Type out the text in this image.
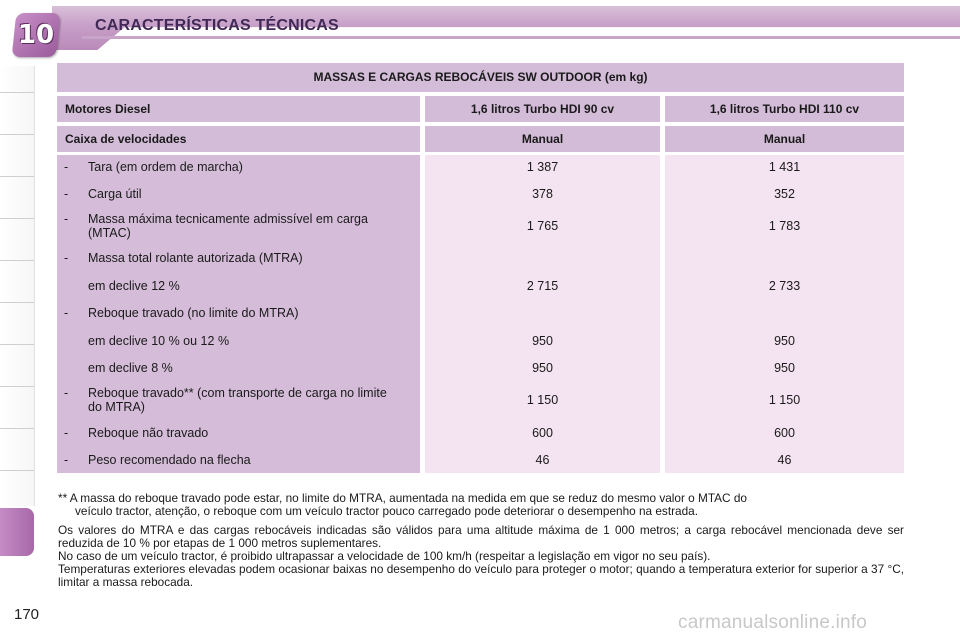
10	CARACTERÍSTICAS TÉCNICAS
MASSAS E CARGAS REBOCÁVEIS SW OUTDOOR (em kg)
Motores Diesel	1,6 litros Turbo HDI 90 cv	1,6 litros Turbo HDI 110 cv
Caixa de velocidades	Manual	Manual
- Tara (em ordem de marcha)	1 387	1 431
- Carga útil	378	352
- Massa máxima tecnicamente admissível em carga (MTAC)	1 765	1 783
- Massa total rolante autorizada (MTRA)
em declive 12 %	2 715	2 733
- Reboque travado (no limite do MTRA)
em declive 10 % ou 12 %	950	950
em declive 8 %	950	950
- Reboque travado** (com transporte de carga no limite do MTRA)	1 150	1 150
- Reboque não travado	600	600
- Peso recomendado na flecha	46	46
** A massa do reboque travado pode estar, no limite do MTRA, aumentada na medida em que se reduz do mesmo valor o MTAC do
veículo tractor, atenção, o reboque com um veículo tractor pouco carregado pode deteriorar o desempenho na estrada.
Os valores do MTRA e das cargas rebocáveis indicadas são válidos para uma altitude máxima de 1 000 metros; a carga rebocável mencionada deve ser reduzida de 10 % por etapas de 1 000 metros suplementares.
No caso de um veículo tractor, é proibido ultrapassar a velocidade de 100 km/h (respeitar a legislação em vigor no seu país).
Temperaturas exteriores elevadas podem ocasionar baixas no desempenho do veículo para proteger o motor; quando a temperatura exterior for superior a 37 °C, limitar a massa rebocada.
170	carmanualsonline.info
